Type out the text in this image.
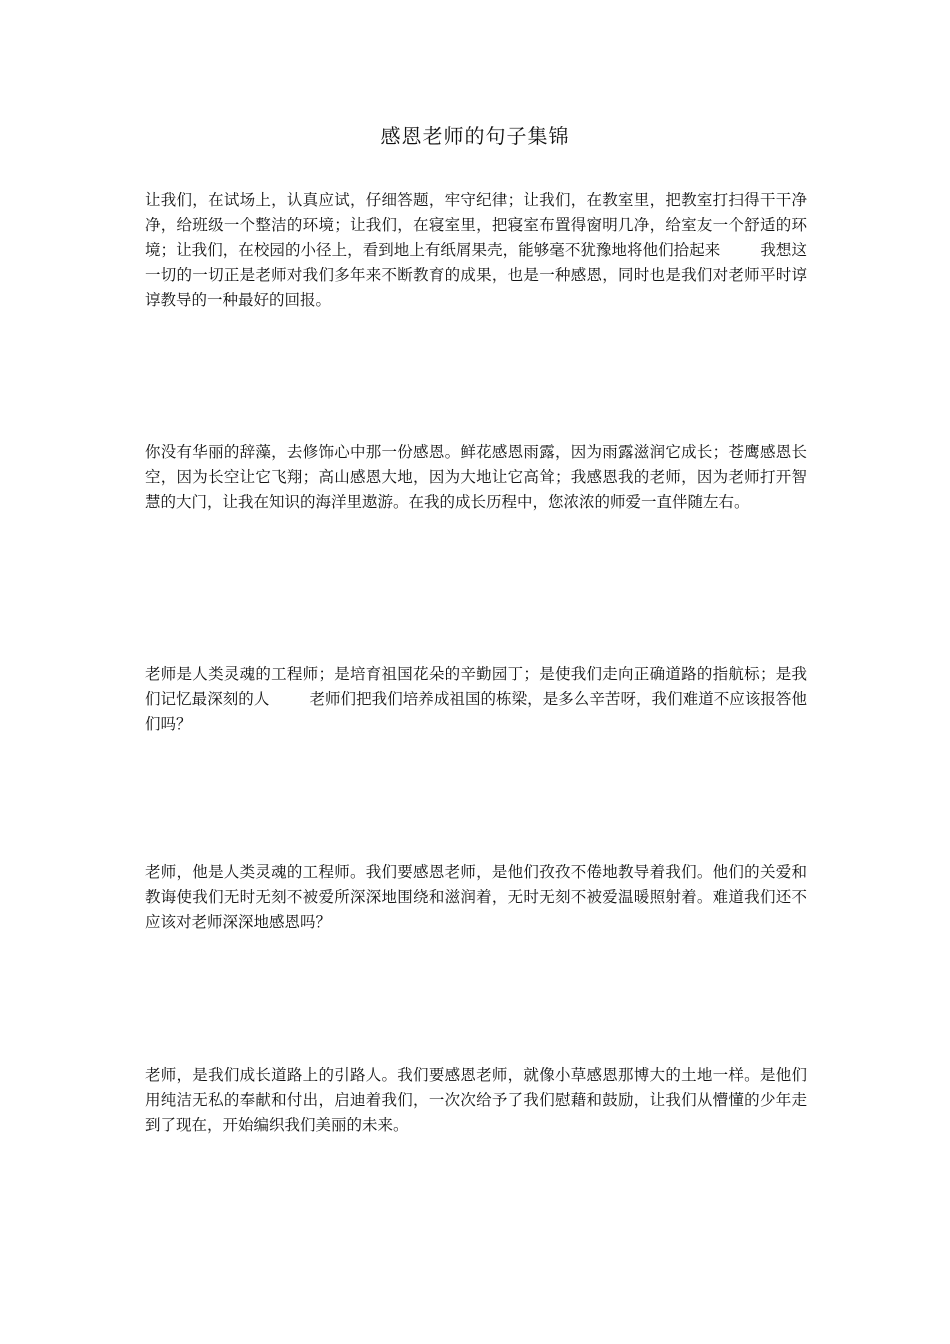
感恩老师的句子集锦

让我们，在试场上，认真应试，仔细答题，牢守纪律；让我们，在教室里，把教室打扫得干干净净，给班级一个整洁的环境；让我们，在寝室里，把寝室布置得窗明几净，给室友一个舒适的环境；让我们，在校园的小径上，看到地上有纸屑果壳，能够毫不犹豫地将他们拾起来	我想这一切的一切正是老师对我们多年来不断教育的成果，也是一种感恩，同时也是我们对老师平时谆谆教导的一种最好的回报。

你没有华丽的辞藻，去修饰心中那一份感恩。鲜花感恩雨露，因为雨露滋润它成长；苍鹰感恩长空，因为长空让它飞翔；高山感恩大地，因为大地让它高耸；我感恩我的老师，因为老师打开智慧的大门，让我在知识的海洋里遨游。在我的成长历程中，您浓浓的师爱一直伴随左右。

老师是人类灵魂的工程师；是培育祖国花朵的辛勤园丁；是使我们走向正确道路的指航标；是我们记忆最深刻的人	老师们把我们培养成祖国的栋梁，是多么辛苦呀，我们难道不应该报答他们吗？

老师，他是人类灵魂的工程师。我们要感恩老师，是他们孜孜不倦地教导着我们。他们的关爱和教诲使我们无时无刻不被爱所深深地围绕和滋润着，无时无刻不被爱温暖照射着。难道我们还不应该对老师深深地感恩吗？

老师，是我们成长道路上的引路人。我们要感恩老师，就像小草感恩那博大的土地一样。是他们用纯洁无私的奉献和付出，启迪着我们，一次次给予了我们慰藉和鼓励，让我们从懵懂的少年走到了现在，开始编织我们美丽的未来。
